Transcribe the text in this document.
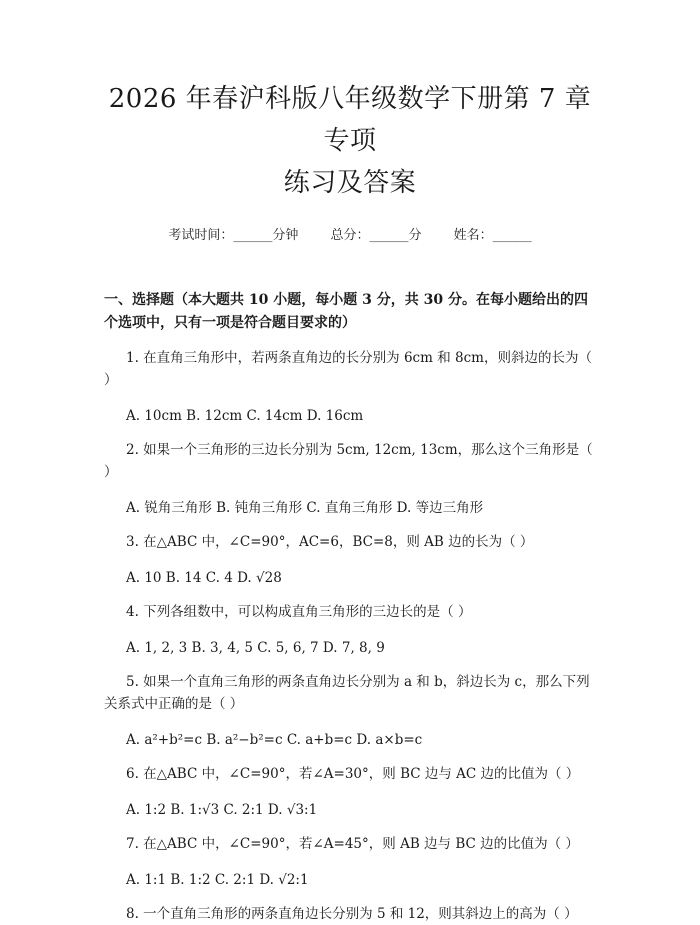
2026 年春沪科版八年级数学下册第 7 章专项
练习及答案
考试时间：______分钟 总分：______分 姓名：______
一、选择题（本大题共 10 小题，每小题 3 分，共 30 分。在每小题给出的四个选项中，只有一项是符合题目要求的）
1. 在直角三角形中，若两条直角边的长分别为 6cm 和 8cm，则斜边的长为（ ）
A. 10cm B. 12cm C. 14cm D. 16cm
2. 如果一个三角形的三边长分别为 5cm, 12cm, 13cm，那么这个三角形是（ ）
A. 锐角三角形 B. 钝角三角形 C. 直角三角形 D. 等边三角形
3. 在△ABC 中，∠C=90°，AC=6，BC=8，则 AB 边的长为（ ）
A. 10 B. 14 C. 4 D. √28
4. 下列各组数中，可以构成直角三角形的三边长的是（ ）
A. 1, 2, 3 B. 3, 4, 5 C. 5, 6, 7 D. 7, 8, 9
5. 如果一个直角三角形的两条直角边长分别为 a 和 b，斜边长为 c，那么下列关系式中正确的是（ ）
A. a²+b²=c B. a²−b²=c C. a+b=c D. a×b=c
6. 在△ABC 中，∠C=90°，若∠A=30°，则 BC 边与 AC 边的比值为（ ）
A. 1:2 B. 1:√3 C. 2:1 D. √3:1
7. 在△ABC 中，∠C=90°，若∠A=45°，则 AB 边与 BC 边的比值为（ ）
A. 1:1 B. 1:2 C. 2:1 D. √2:1
8. 一个直角三角形的两条直角边长分别为 5 和 12，则其斜边上的高为（ ）
